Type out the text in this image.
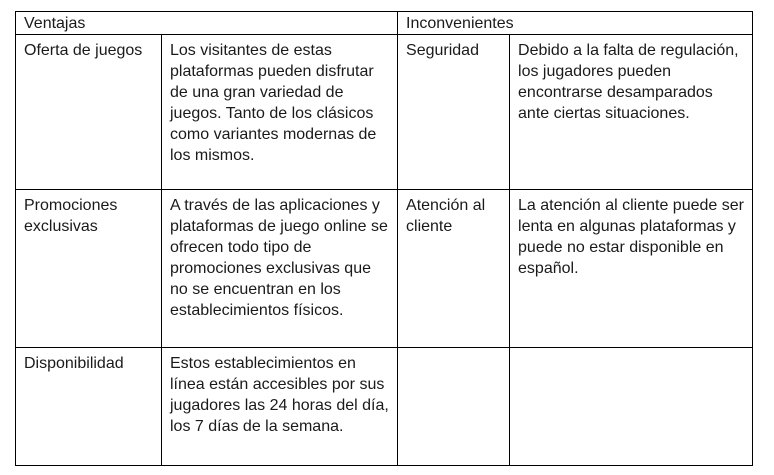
Ventajas		Inconvenientes	
Oferta de juegos	Los visitantes de estas plataformas pueden disfrutar de una gran variedad de juegos. Tanto de los clásicos como variantes modernas de los mismos.	Seguridad	Debido a la falta de regulación, los jugadores pueden encontrarse desamparados ante ciertas situaciones.
Promociones exclusivas	A través de las aplicaciones y plataformas de juego online se ofrecen todo tipo de promociones exclusivas que no se encuentran en los establecimientos físicos.	Atención al cliente	La atención al cliente puede ser lenta en algunas plataformas y puede no estar disponible en español.
Disponibilidad	Estos establecimientos en línea están accesibles por sus jugadores las 24 horas del día, los 7 días de la semana.		
